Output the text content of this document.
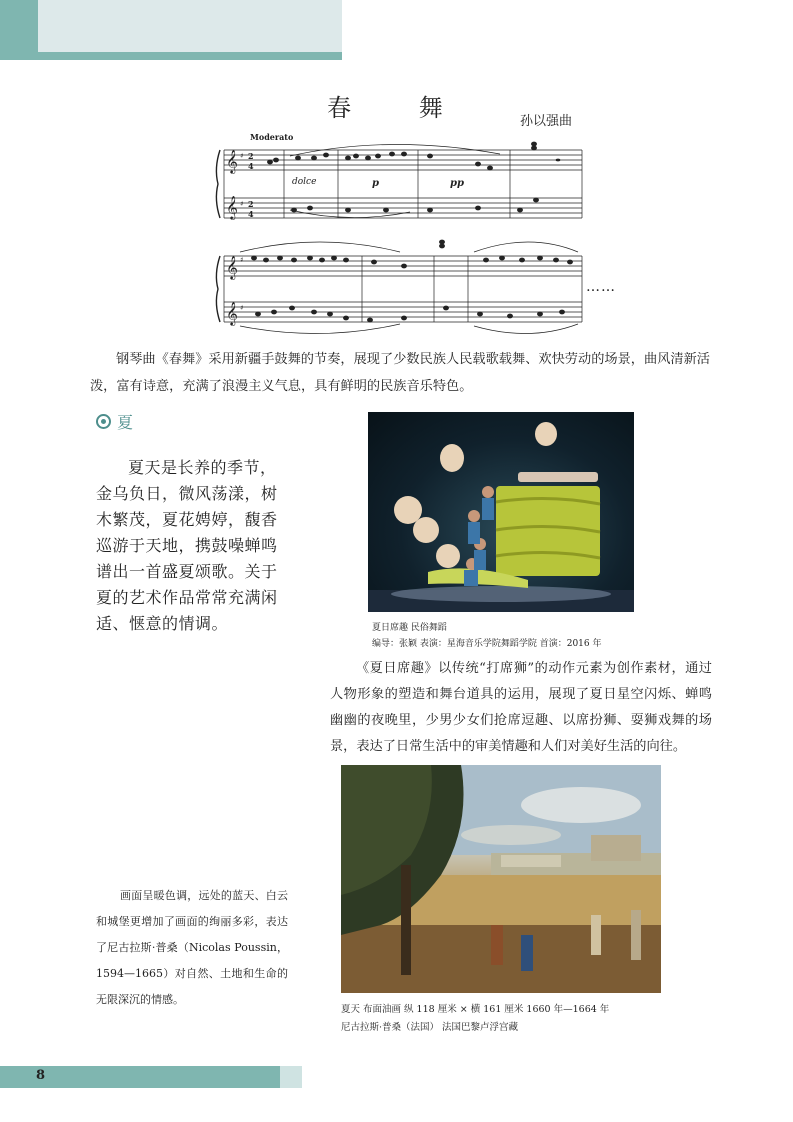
春 舞	孙以强曲
𝄞
𝄞
𝄞
𝄞
♯
♯
♯
♯
2
4
2
4
Moderato
dolce	p	pp
……
钢琴曲《春舞》采用新疆手鼓舞的节奏，展现了少数民族人民载歌载舞、欢快劳动的场景，曲风清新活泼，富有诗意，充满了浪漫主义气息，具有鲜明的民族音乐特色。
夏
夏天是长养的季节，金乌负日，微风荡漾，树木繁茂，夏花娉婷，馥香巡游于天地，携鼓噪蝉鸣谱出一首盛夏颂歌。关于夏的艺术作品常常充满闲适、惬意的情调。	夏日席趣 民俗舞蹈
编导：张颖 表演：星海音乐学院舞蹈学院 首演：2016 年
《夏日席趣》以传统“打席狮”的动作元素为创作素材，通过人物形象的塑造和舞台道具的运用，展现了夏日星空闪烁、蝉鸣幽幽的夜晚里，少男少女们抢席逗趣、以席扮狮、耍狮戏舞的场景，表达了日常生活中的审美情趣和人们对美好生活的向往。
夏天 布面油画 纵 118 厘米 × 横 161 厘米 1660 年—1664 年
尼古拉斯·普桑（法国） 法国巴黎卢浮宫藏
画面呈暖色调，远处的蓝天、白云和城堡更增加了画面的绚丽多彩，表达了尼古拉斯·普桑（Nicolas Poussin，1594—1665）对自然、土地和生命的无限深沉的情感。
8
